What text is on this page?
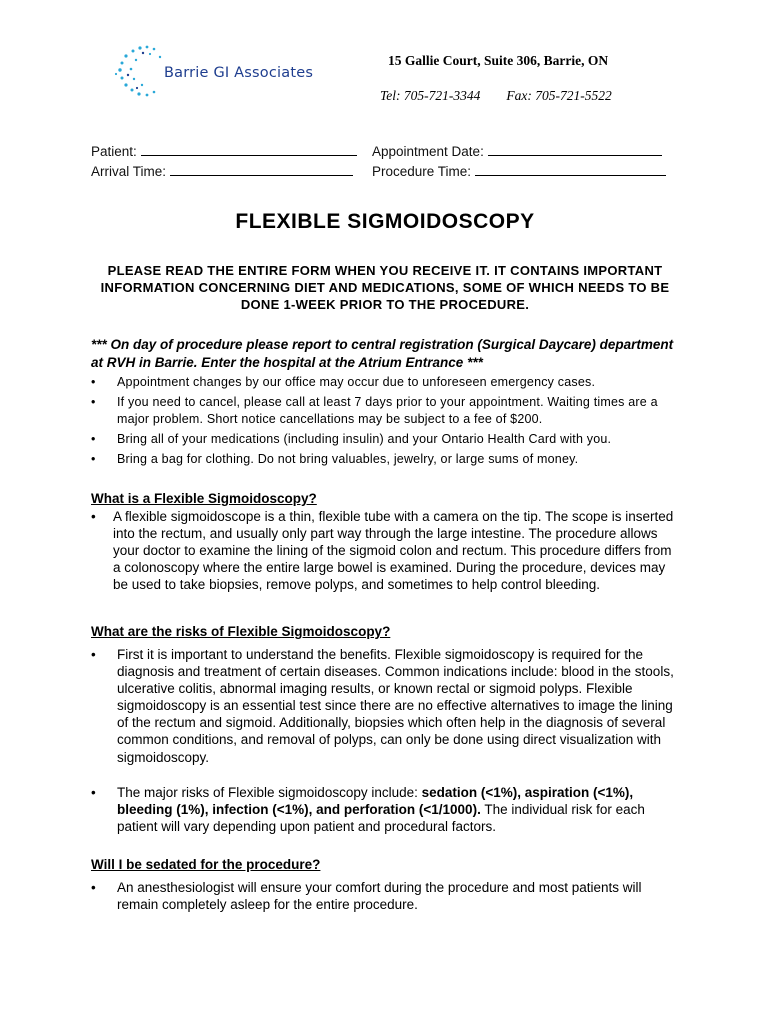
Barrie GI Associates
15 Gallie Court, Suite 306, Barrie, ON
Tel: 705-721-3344 Fax: 705-721-5522
Patient:
Arrival Time:
Appointment Date:
Procedure Time:
FLEXIBLE SIGMOIDOSCOPY
PLEASE READ THE ENTIRE FORM WHEN YOU RECEIVE IT. IT CONTAINS IMPORTANT INFORMATION CONCERNING DIET AND MEDICATIONS, SOME OF WHICH NEEDS TO BE DONE 1-WEEK PRIOR TO THE PROCEDURE.
*** On day of procedure please report to central registration (Surgical Daycare) department at RVH in Barrie. Enter the hospital at the Atrium Entrance ***
• Appointment changes by our office may occur due to unforeseen emergency cases.
• If you need to cancel, please call at least 7 days prior to your appointment. Waiting times are a major problem. Short notice cancellations may be subject to a fee of $200.
• Bring all of your medications (including insulin) and your Ontario Health Card with you.
• Bring a bag for clothing. Do not bring valuables, jewelry, or large sums of money.
What is a Flexible Sigmoidoscopy?
• A flexible sigmoidoscope is a thin, flexible tube with a camera on the tip. The scope is inserted into the rectum, and usually only part way through the large intestine. The procedure allows your doctor to examine the lining of the sigmoid colon and rectum. This procedure differs from a colonoscopy where the entire large bowel is examined. During the procedure, devices may be used to take biopsies, remove polyps, and sometimes to help control bleeding.
What are the risks of Flexible Sigmoidoscopy?
• First it is important to understand the benefits. Flexible sigmoidoscopy is required for the diagnosis and treatment of certain diseases. Common indications include: blood in the stools, ulcerative colitis, abnormal imaging results, or known rectal or sigmoid polyps. Flexible sigmoidoscopy is an essential test since there are no effective alternatives to image the lining of the rectum and sigmoid. Additionally, biopsies which often help in the diagnosis of several common conditions, and removal of polyps, can only be done using direct visualization with sigmoidoscopy.
• The major risks of Flexible sigmoidoscopy include: sedation (<1%), aspiration (<1%), bleeding (1%), infection (<1%), and perforation (<1/1000). The individual risk for each patient will vary depending upon patient and procedural factors.
Will I be sedated for the procedure?
• An anesthesiologist will ensure your comfort during the procedure and most patients will remain completely asleep for the entire procedure.
